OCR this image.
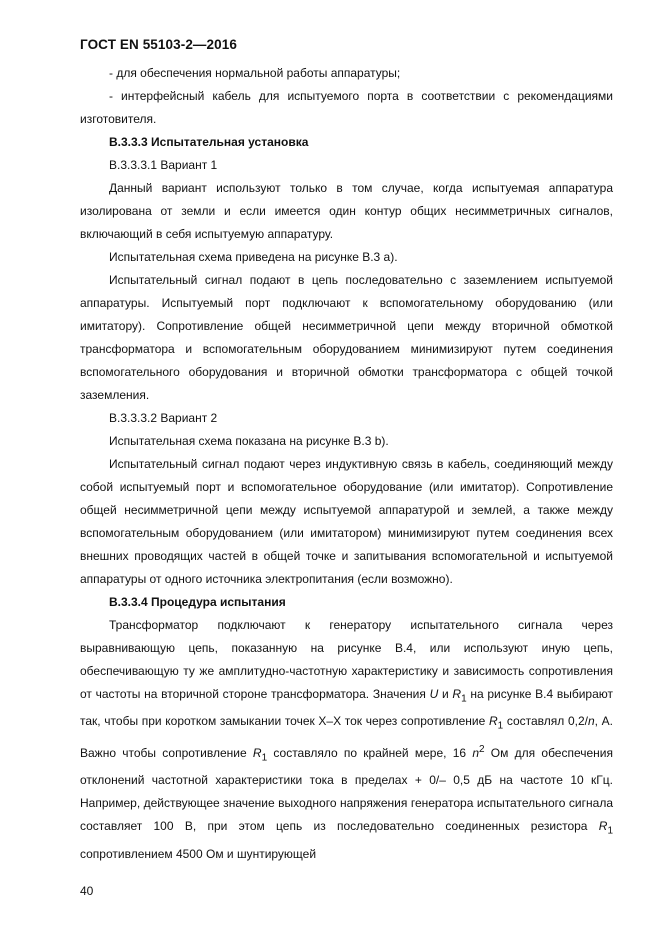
ГОСТ EN 55103-2—2016

- для обеспечения нормальной работы аппаратуры;

- интерфейсный кабель для испытуемого порта в соответствии с рекомендациями изготовителя.

B.3.3.3 Испытательная установка

В.3.3.3.1 Вариант 1

Данный вариант используют только в том случае, когда испытуемая аппаратура изолирована от земли и если имеется один контур общих несимметричных сигналов, включающий в себя испытуемую аппаратуру.

Испытательная схема приведена на рисунке В.3 а).

Испытательный сигнал подают в цепь последовательно с заземлением испытуемой аппаратуры. Испытуемый порт подключают к вспомогательному оборудованию (или имитатору). Сопротивление общей несимметричной цепи между вторичной обмоткой трансформатора и вспомогательным оборудованием минимизируют путем соединения вспомогательного оборудования и вторичной обмотки трансформатора с общей точкой заземления.

В.3.3.3.2 Вариант 2

Испытательная схема показана на рисунке В.3 b).

Испытательный сигнал подают через индуктивную связь в кабель, соединяющий между собой испытуемый порт и вспомогательное оборудование (или имитатор). Сопротивление общей несимметричной цепи между испытуемой аппаратурой и землей, а также между вспомогательным оборудованием (или имитатором) минимизируют путем соединения всех внешних проводящих частей в общей точке и запитывания вспомогательной и испытуемой аппаратуры от одного источника электропитания (если возможно).

В.3.3.4 Процедура испытания

Трансформатор подключают к генератору испытательного сигнала через выравнивающую цепь, показанную на рисунке В.4, или используют иную цепь, обеспечивающую ту же амплитудно-частотную характеристику и зависимость сопротивления от частоты на вторичной стороне трансформатора. Значения U и $R_1$ на рисунке В.4 выбирают так, чтобы при коротком замыкании точек Х–Х ток через сопротивление $R_1$ составлял 0,2/n, А. Важно чтобы сопротивление $R_1$ составляло по крайней мере, 16 $n^2$ Ом для обеспечения отклонений частотной характеристики тока в пределах + 0/– 0,5 дБ на частоте 10 кГц. Например, действующее значение выходного напряжения генератора испытательного сигнала составляет 100 В, при этом цепь из последовательно соединенных резистора $R_1$ сопротивлением 4500 Ом и шунтирующей

40
